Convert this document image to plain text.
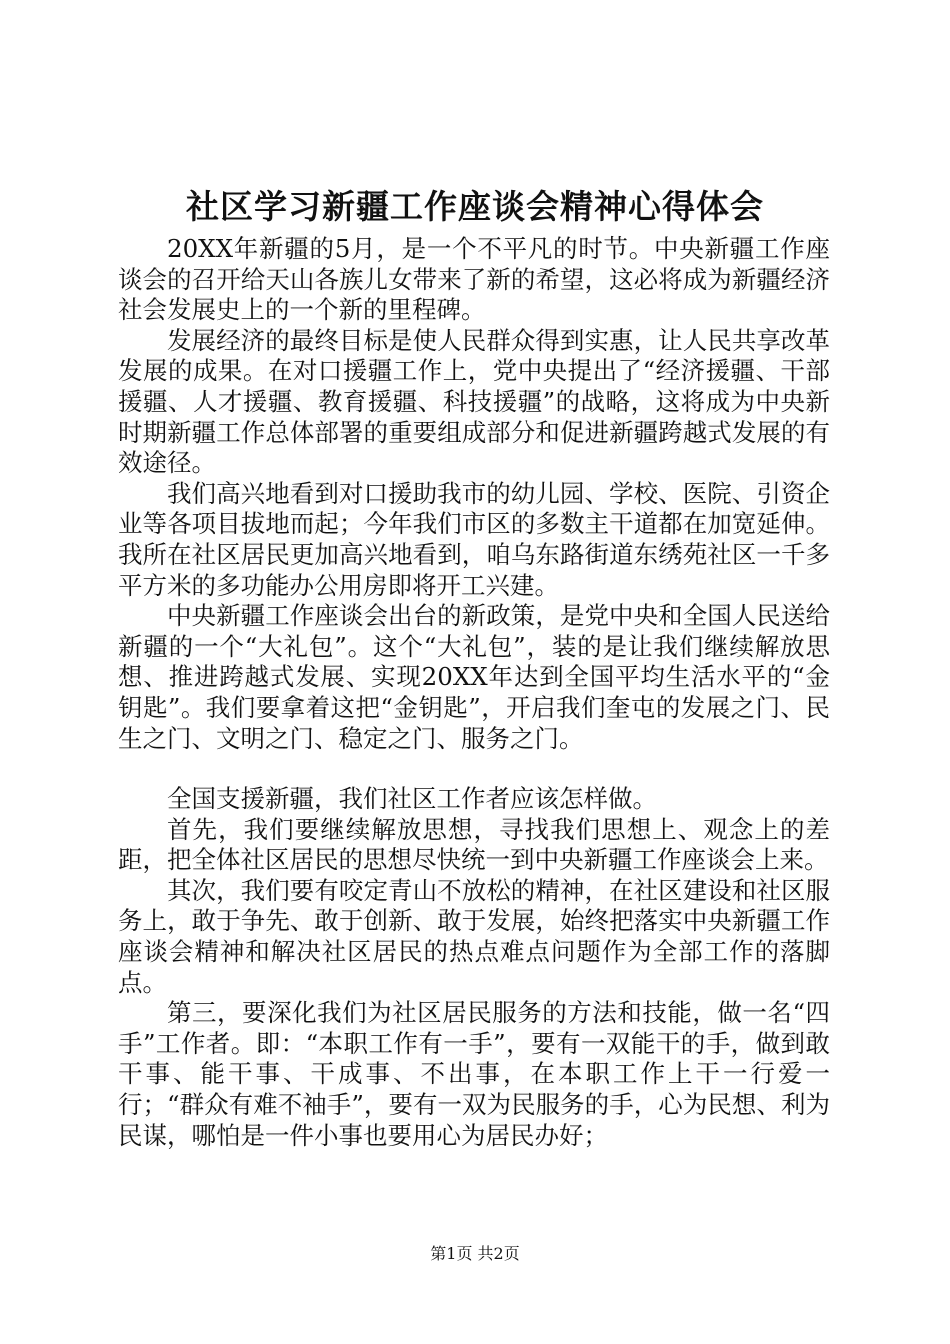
社区学习新疆工作座谈会精神心得体会

20XX年新疆的5月，是一个不平凡的时节。中央新疆工作座谈会的召开给天山各族儿女带来了新的希望，这必将成为新疆经济社会发展史上的一个新的里程碑。

发展经济的最终目标是使人民群众得到实惠，让人民共享改革发展的成果。在对口援疆工作上，党中央提出了“经济援疆、干部援疆、人才援疆、教育援疆、科技援疆”的战略，这将成为中央新时期新疆工作总体部署的重要组成部分和促进新疆跨越式发展的有效途径。

我们高兴地看到对口援助我市的幼儿园、学校、医院、引资企业等各项目拔地而起；今年我们市区的多数主干道都在加宽延伸。我所在社区居民更加高兴地看到，咱乌东路街道东绣苑社区一千多平方米的多功能办公用房即将开工兴建。

中央新疆工作座谈会出台的新政策，是党中央和全国人民送给新疆的一个“大礼包”。这个“大礼包”，装的是让我们继续解放思想、推进跨越式发展、实现20XX年达到全国平均生活水平的“金钥匙”。我们要拿着这把“金钥匙”，开启我们奎屯的发展之门、民生之门、文明之门、稳定之门、服务之门。

全国支援新疆，我们社区工作者应该怎样做。

首先，我们要继续解放思想，寻找我们思想上、观念上的差距，把全体社区居民的思想尽快统一到中央新疆工作座谈会上来。

其次，我们要有咬定青山不放松的精神，在社区建设和社区服务上，敢于争先、敢于创新、敢于发展，始终把落实中央新疆工作座谈会精神和解决社区居民的热点难点问题作为全部工作的落脚点。

第三，要深化我们为社区居民服务的方法和技能，做一名“四手”工作者。即：“本职工作有一手”，要有一双能干的手，做到敢干事、能干事、干成事、不出事，在本职工作上干一行爱一行；“群众有难不袖手”，要有一双为民服务的手，心为民想、利为民谋，哪怕是一件小事也要用心为居民办好；

第1页 共2页
